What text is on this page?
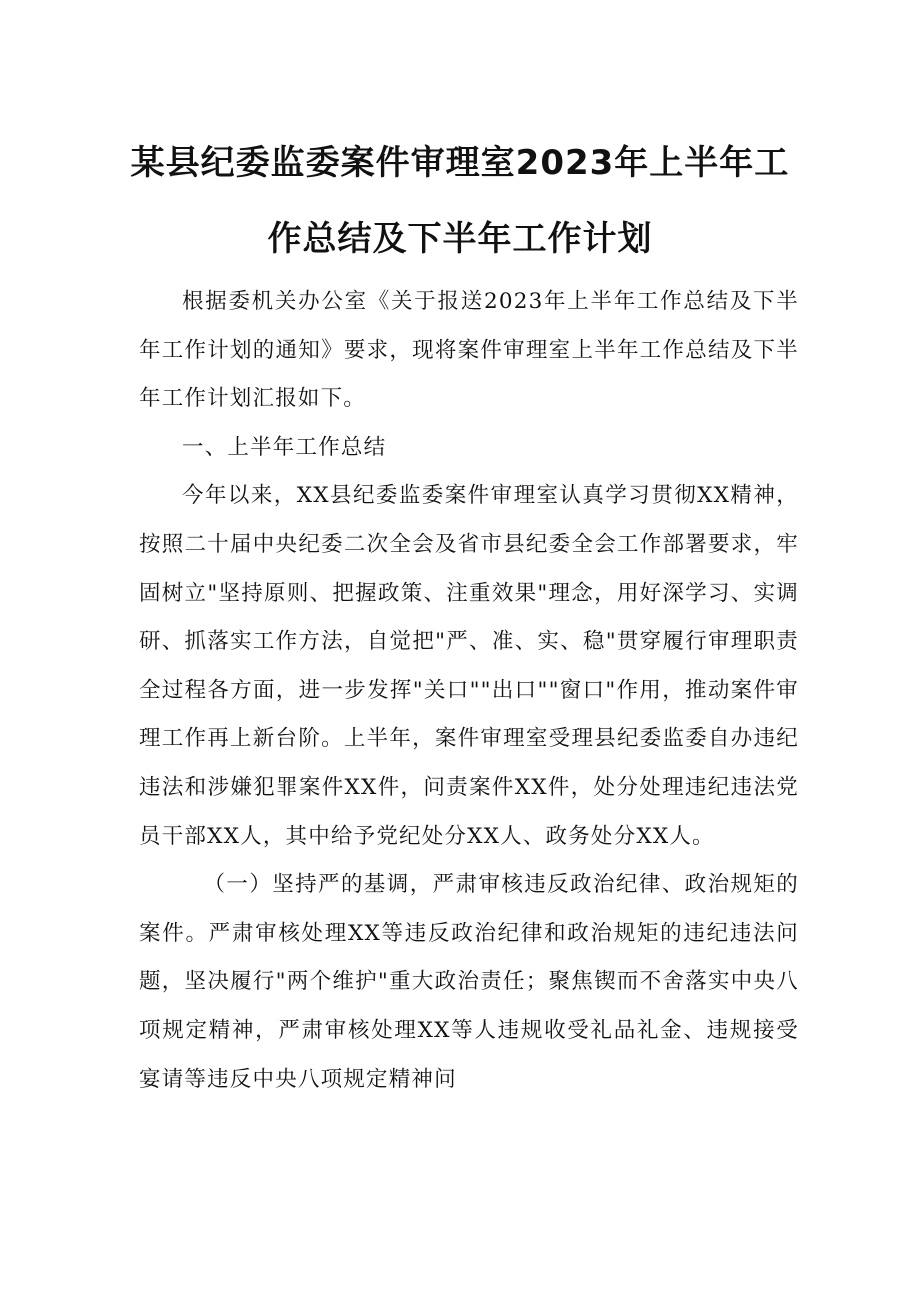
某县纪委监委案件审理室2023年上半年工
作总结及下半年工作计划

根据委机关办公室《关于报送2023年上半年工作总结及下半年工作计划的通知》要求，现将案件审理室上半年工作总结及下半年工作计划汇报如下。

一、上半年工作总结

今年以来，XX县纪委监委案件审理室认真学习贯彻XX精神，按照二十届中央纪委二次全会及省市县纪委全会工作部署要求，牢固树立"坚持原则、把握政策、注重效果"理念，用好深学习、实调研、抓落实工作方法，自觉把"严、准、实、稳"贯穿履行审理职责全过程各方面，进一步发挥"关口""出口""窗口"作用，推动案件审理工作再上新台阶。上半年，案件审理室受理县纪委监委自办违纪违法和涉嫌犯罪案件XX件，问责案件XX件，处分处理违纪违法党员干部XX人，其中给予党纪处分XX人、政务处分XX人。

（一）坚持严的基调，严肃审核违反政治纪律、政治规矩的案件。严肃审核处理XX等违反政治纪律和政治规矩的违纪违法问题，坚决履行"两个维护"重大政治责任；聚焦锲而不舍落实中央八项规定精神，严肃审核处理XX等人违规收受礼品礼金、违规接受宴请等违反中央八项规定精神问
